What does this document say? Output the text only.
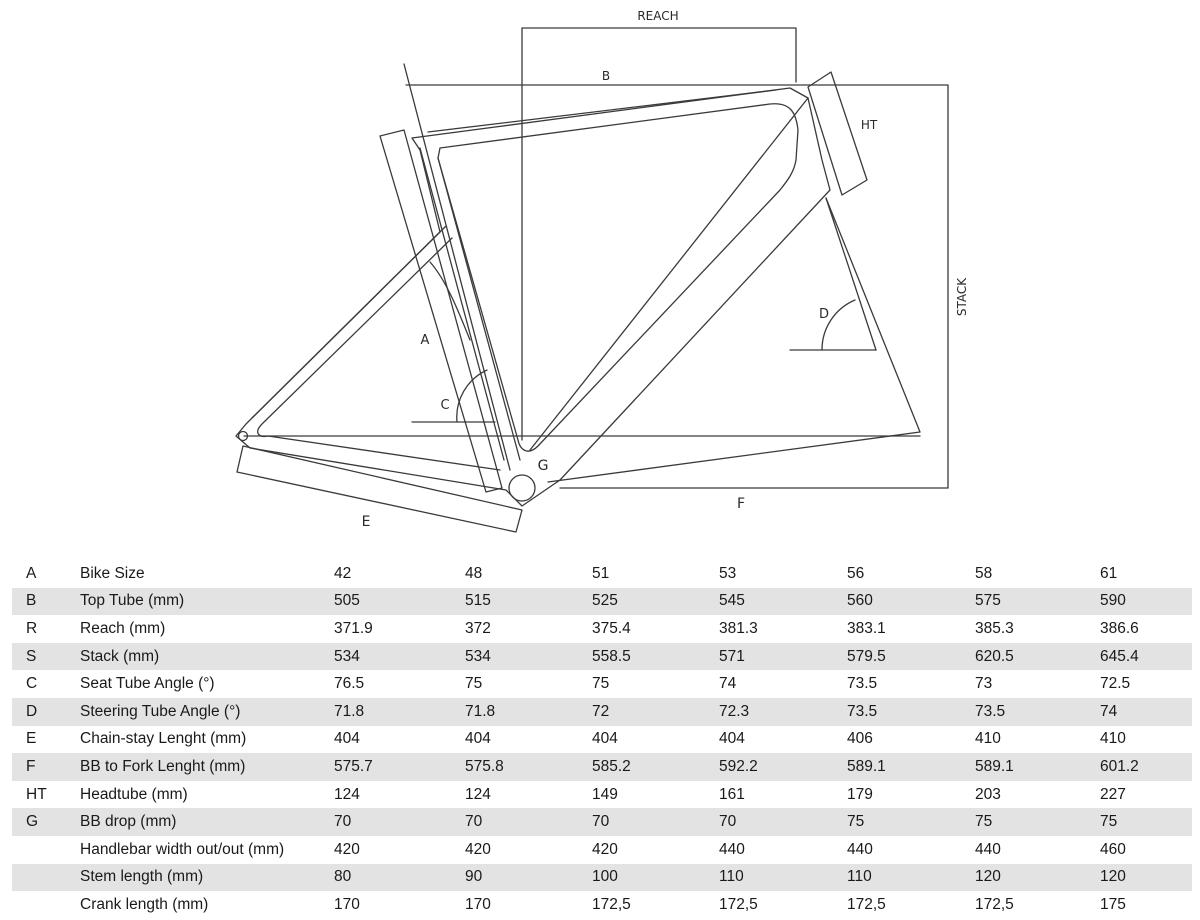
REACH
B
HT
STACK
A
C
D
G
E
F
A	Bike Size	42	48	51	53	56	58	61	
B	Top Tube (mm)	505	515	525	545	560	575	590	
R	Reach (mm)	371.9	372	375.4	381.3	383.1	385.3	386.6	
S	Stack (mm)	534	534	558.5	571	579.5	620.5	645.4	
C	Seat Tube Angle (°)	76.5	75	75	74	73.5	73	72.5	
D	Steering Tube Angle (°)	71.8	71.8	72	72.3	73.5	73.5	74	
E	Chain-stay Lenght (mm)	404	404	404	404	406	410	410	
F	BB to Fork Lenght (mm)	575.7	575.8	585.2	592.2	589.1	589.1	601.2	
HT	Headtube (mm)	124	124	149	161	179	203	227	
G	BB drop (mm)	70	70	70	70	75	75	75	
	Handlebar width out/out (mm)	420	420	420	440	440	440	460	
	Stem length (mm)	80	90	100	110	110	120	120	
	Crank length (mm)	170	170	172,5	172,5	172,5	172,5	175	
